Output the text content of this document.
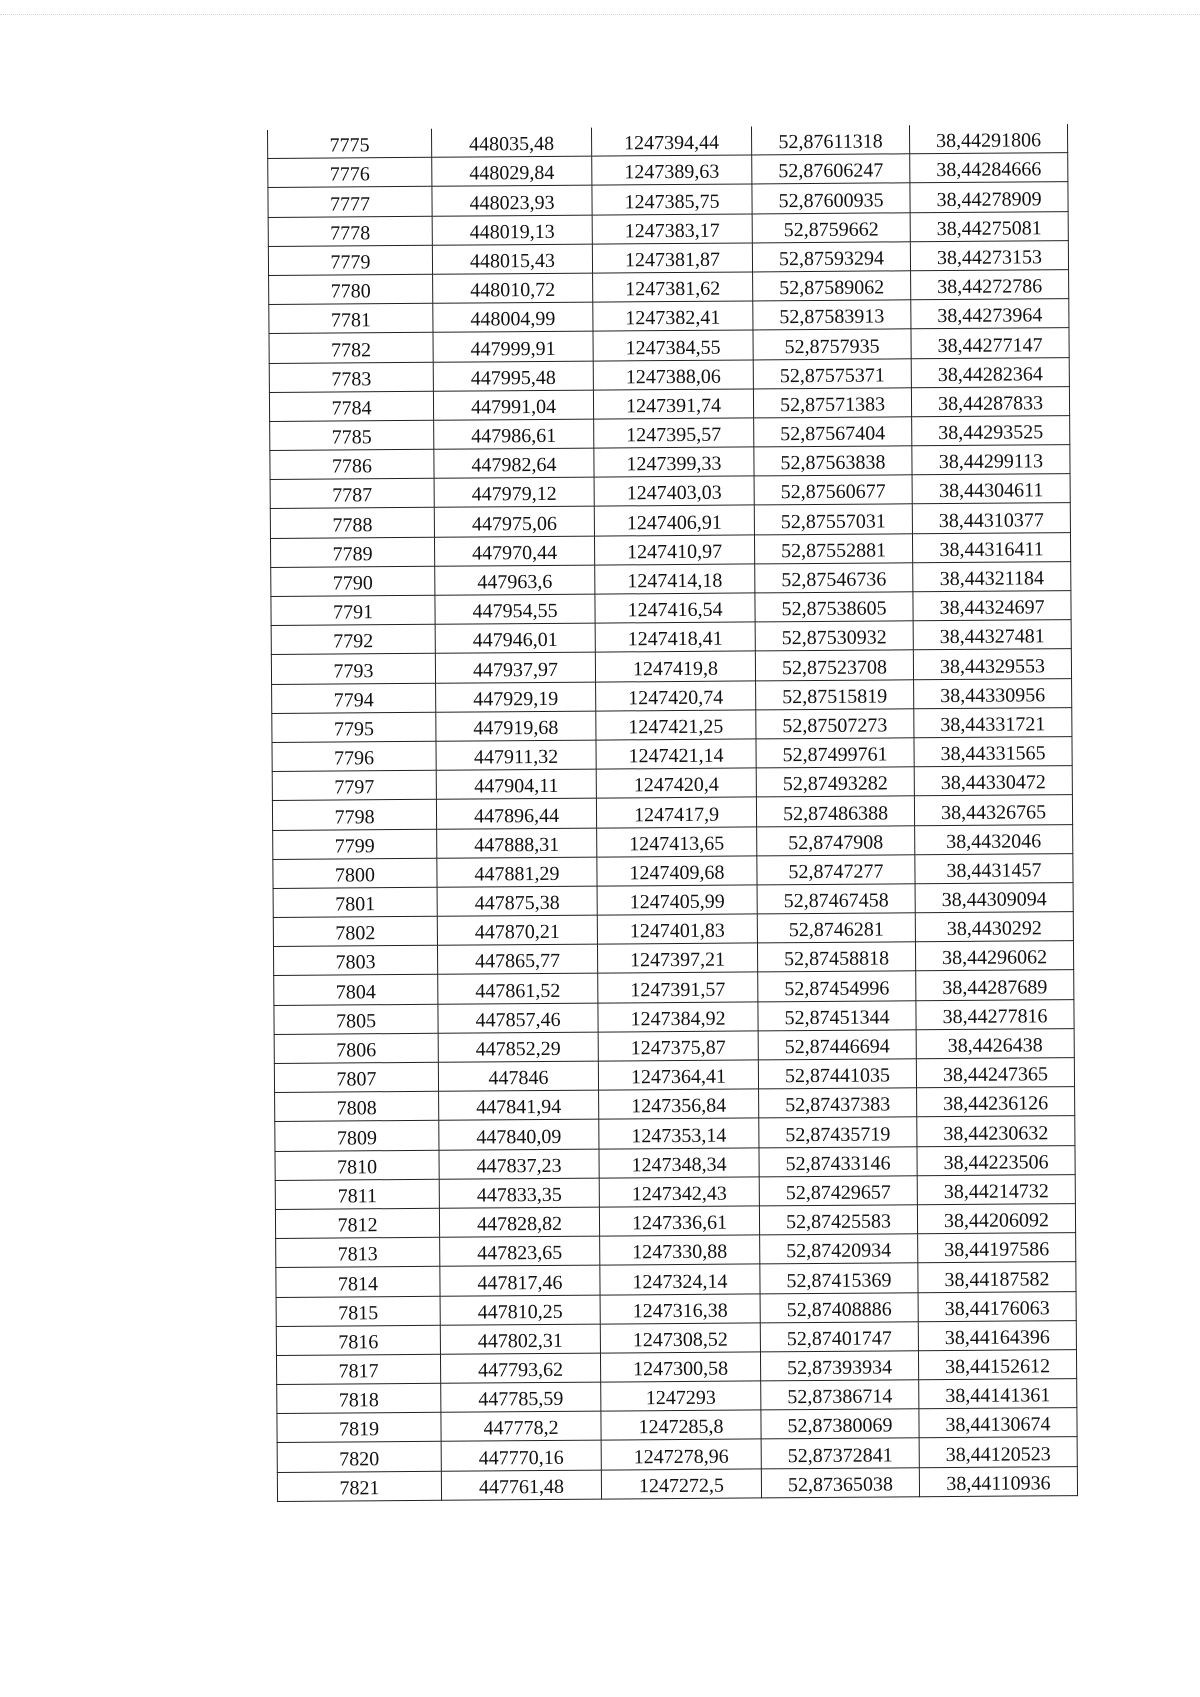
7775	448035,48	1247394,44	52,87611318	38,44291806
7776	448029,84	1247389,63	52,87606247	38,44284666
7777	448023,93	1247385,75	52,87600935	38,44278909
7778	448019,13	1247383,17	52,8759662	38,44275081
7779	448015,43	1247381,87	52,87593294	38,44273153
7780	448010,72	1247381,62	52,87589062	38,44272786
7781	448004,99	1247382,41	52,87583913	38,44273964
7782	447999,91	1247384,55	52,8757935	38,44277147
7783	447995,48	1247388,06	52,87575371	38,44282364
7784	447991,04	1247391,74	52,87571383	38,44287833
7785	447986,61	1247395,57	52,87567404	38,44293525
7786	447982,64	1247399,33	52,87563838	38,44299113
7787	447979,12	1247403,03	52,87560677	38,44304611
7788	447975,06	1247406,91	52,87557031	38,44310377
7789	447970,44	1247410,97	52,87552881	38,44316411
7790	447963,6	1247414,18	52,87546736	38,44321184
7791	447954,55	1247416,54	52,87538605	38,44324697
7792	447946,01	1247418,41	52,87530932	38,44327481
7793	447937,97	1247419,8	52,87523708	38,44329553
7794	447929,19	1247420,74	52,87515819	38,44330956
7795	447919,68	1247421,25	52,87507273	38,44331721
7796	447911,32	1247421,14	52,87499761	38,44331565
7797	447904,11	1247420,4	52,87493282	38,44330472
7798	447896,44	1247417,9	52,87486388	38,44326765
7799	447888,31	1247413,65	52,8747908	38,4432046
7800	447881,29	1247409,68	52,8747277	38,4431457
7801	447875,38	1247405,99	52,87467458	38,44309094
7802	447870,21	1247401,83	52,8746281	38,4430292
7803	447865,77	1247397,21	52,87458818	38,44296062
7804	447861,52	1247391,57	52,87454996	38,44287689
7805	447857,46	1247384,92	52,87451344	38,44277816
7806	447852,29	1247375,87	52,87446694	38,4426438
7807	447846	1247364,41	52,87441035	38,44247365
7808	447841,94	1247356,84	52,87437383	38,44236126
7809	447840,09	1247353,14	52,87435719	38,44230632
7810	447837,23	1247348,34	52,87433146	38,44223506
7811	447833,35	1247342,43	52,87429657	38,44214732
7812	447828,82	1247336,61	52,87425583	38,44206092
7813	447823,65	1247330,88	52,87420934	38,44197586
7814	447817,46	1247324,14	52,87415369	38,44187582
7815	447810,25	1247316,38	52,87408886	38,44176063
7816	447802,31	1247308,52	52,87401747	38,44164396
7817	447793,62	1247300,58	52,87393934	38,44152612
7818	447785,59	1247293	52,87386714	38,44141361
7819	447778,2	1247285,8	52,87380069	38,44130674
7820	447770,16	1247278,96	52,87372841	38,44120523
7821	447761,48	1247272,5	52,87365038	38,44110936
